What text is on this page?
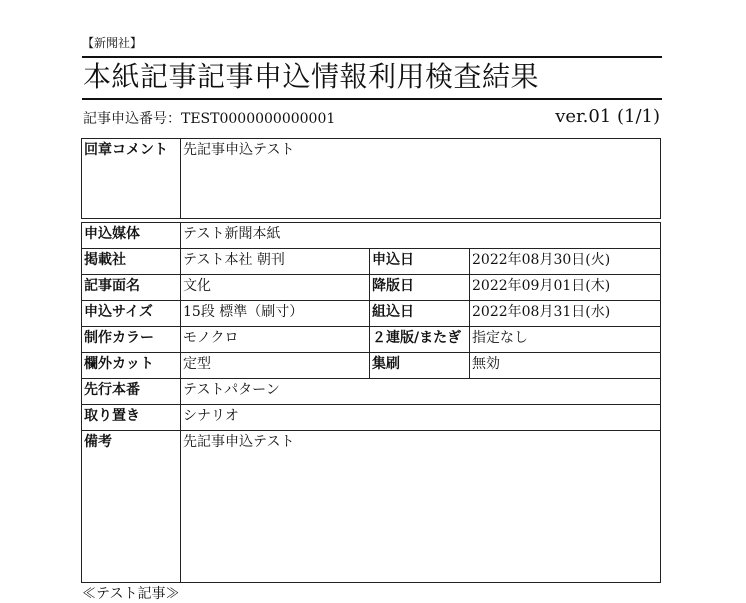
【新聞社】
本紙記事記事申込情報利用検査結果
記事申込番号：TEST0000000000001	ver.01 (1/1)
回章コメント	先記事申込テスト
申込媒体	テスト新聞本紙		
掲載社	テスト本社 朝刊	申込日	2022年08月30日(火)
記事面名	文化	降版日	2022年09月01日(木)
申込サイズ	15段 標準（刷寸）	組込日	2022年08月31日(水)
制作カラー	モノクロ	２連版/またぎ	指定なし
欄外カット	定型	集刷	無効
先行本番	テストパターン		
取り置き	シナリオ		
備考	先記事申込テスト		
≪テスト記事≫
